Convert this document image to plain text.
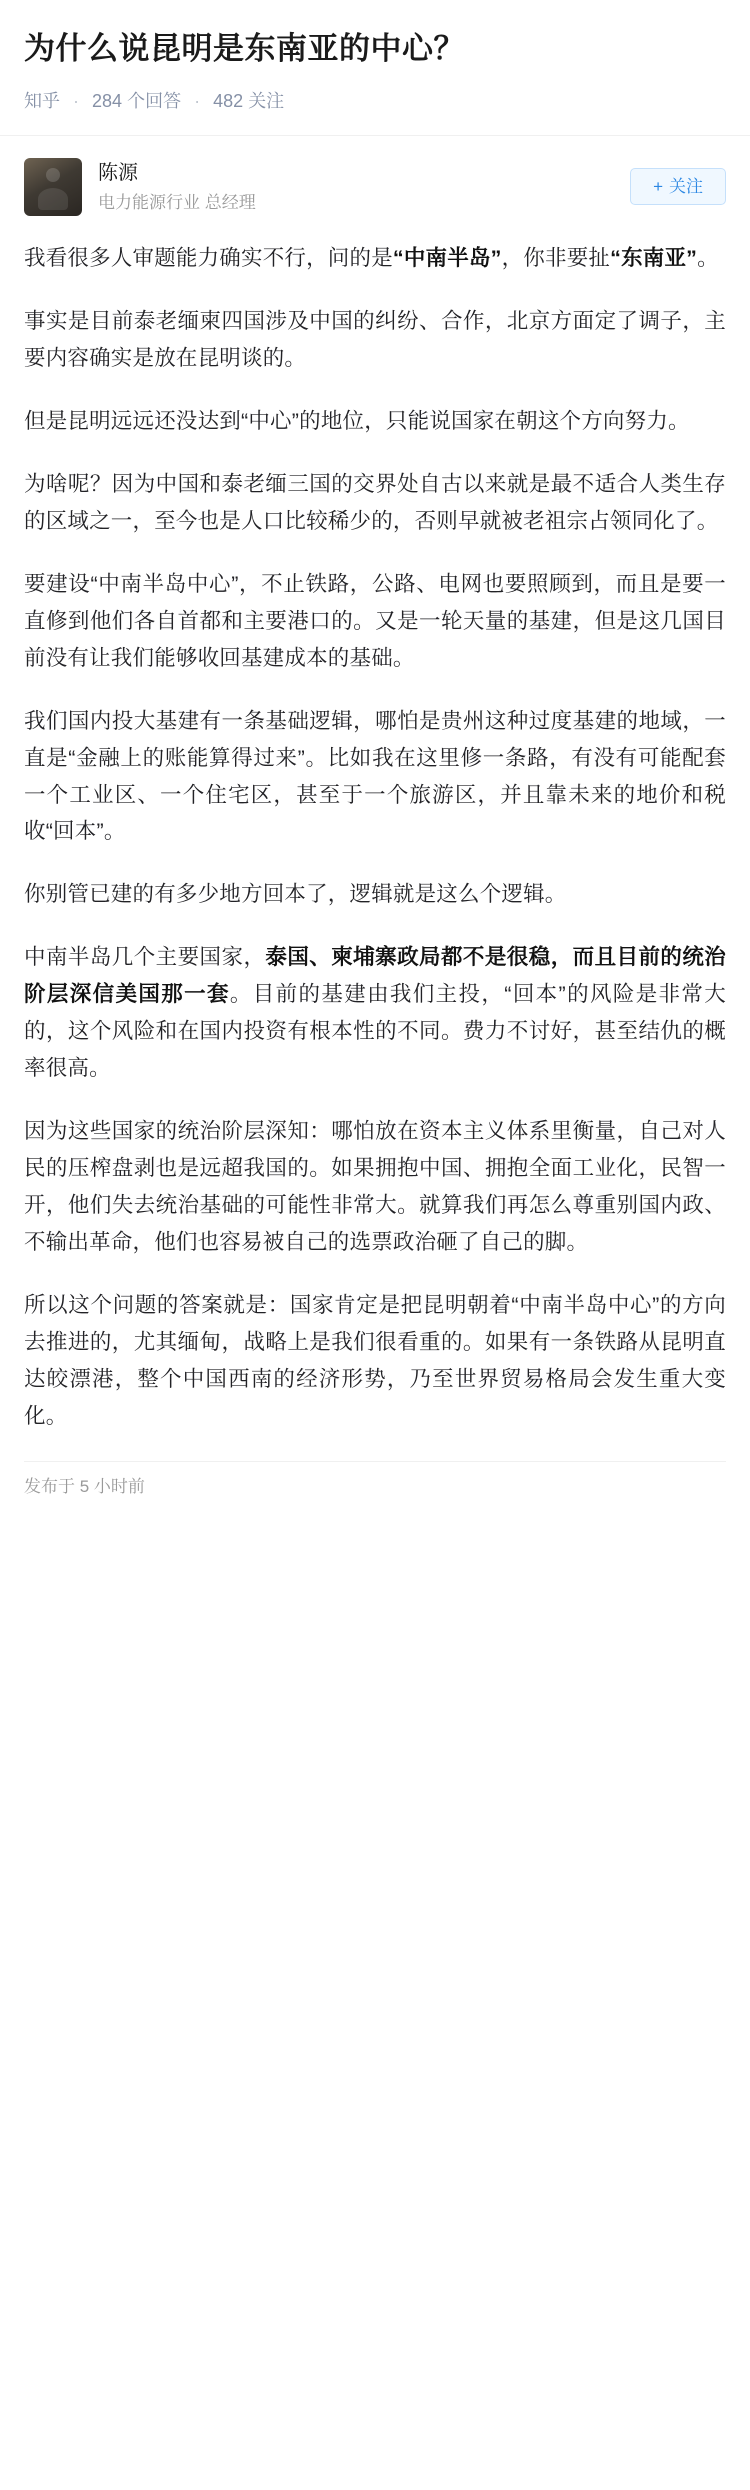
为什么说昆明是东南亚的中心？
知乎 · 284 个回答 · 482 关注
陈源
电力能源行业 总经理
+ 关注

我看很多人审题能力确实不行，问的是“中南半岛”，你非要扯“东南亚”。

事实是目前泰老缅柬四国涉及中国的纠纷、合作，北京方面定了调子，主要内容确实是放在昆明谈的。

但是昆明远远还没达到“中心”的地位，只能说国家在朝这个方向努力。

为啥呢？因为中国和泰老缅三国的交界处自古以来就是最不适合人类生存的区域之一，至今也是人口比较稀少的，否则早就被老祖宗占领同化了。

要建设“中南半岛中心”，不止铁路，公路、电网也要照顾到，而且是要一直修到他们各自首都和主要港口的。又是一轮天量的基建，但是这几国目前没有让我们能够收回基建成本的基础。

我们国内投大基建有一条基础逻辑，哪怕是贵州这种过度基建的地域，一直是“金融上的账能算得过来”。比如我在这里修一条路，有没有可能配套一个工业区、一个住宅区，甚至于一个旅游区，并且靠未来的地价和税收“回本”。

你别管已建的有多少地方回本了，逻辑就是这么个逻辑。

中南半岛几个主要国家，泰国、柬埔寨政局都不是很稳，而且目前的统治阶层深信美国那一套。目前的基建由我们主投，“回本”的风险是非常大的，这个风险和在国内投资有根本性的不同。费力不讨好，甚至结仇的概率很高。

因为这些国家的统治阶层深知：哪怕放在资本主义体系里衡量，自己对人民的压榨盘剥也是远超我国的。如果拥抱中国、拥抱全面工业化，民智一开，他们失去统治基础的可能性非常大。就算我们再怎么尊重别国内政、不输出革命，他们也容易被自己的选票政治砸了自己的脚。

所以这个问题的答案就是：国家肯定是把昆明朝着“中南半岛中心”的方向去推进的，尤其缅甸，战略上是我们很看重的。如果有一条铁路从昆明直达皎漂港，整个中国西南的经济形势，乃至世界贸易格局会发生重大变化。

发布于 5 小时前
